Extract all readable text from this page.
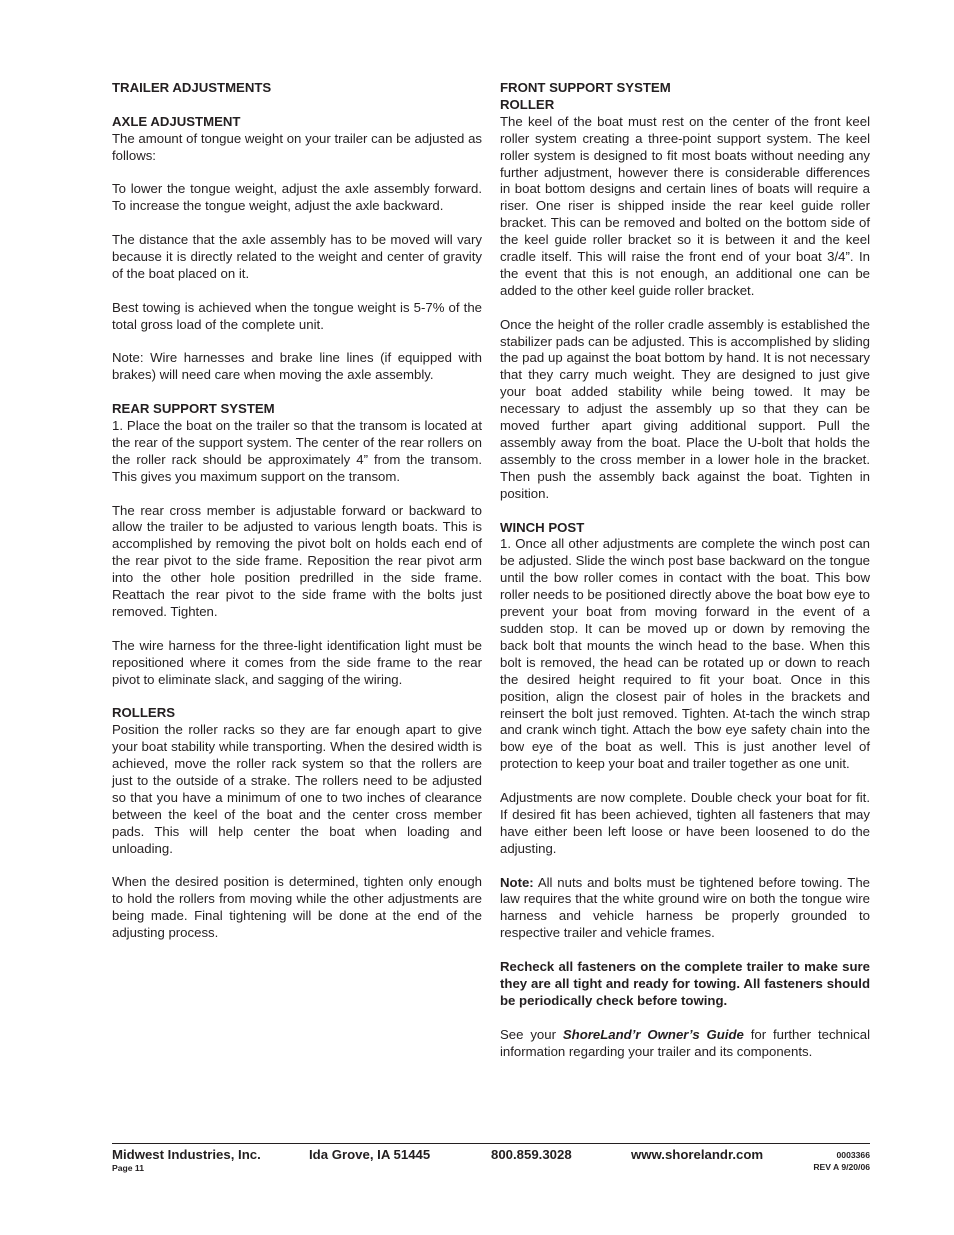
TRAILER ADJUSTMENTS
AXLE ADJUSTMENT

The amount of tongue weight on your trailer can be adjusted as follows:

To lower the tongue weight, adjust the axle assembly forward. To increase the tongue weight, adjust the axle backward.

The distance that the axle assembly has to be moved will vary because it is directly related to the weight and center of gravity of the boat placed on it.

Best towing is achieved when the tongue weight is 5-7% of the total gross load of the complete unit.

Note: Wire harnesses and brake line lines (if equipped with brakes) will need care when moving the axle assembly.

REAR SUPPORT SYSTEM

1. Place the boat on the trailer so that the transom is located at the rear of the support system. The center of the rear rollers on the roller rack should be approximately 4” from the transom. This gives you maximum support on the transom.

The rear cross member is adjustable forward or backward to allow the trailer to be adjusted to various length boats. This is accomplished by removing the pivot bolt on holds each end of the rear pivot to the side frame. Reposition the rear pivot arm into the other hole position predrilled in the side frame. Reattach the rear pivot to the side frame with the bolts just removed. Tighten.

The wire harness for the three-light identification light must be repositioned where it comes from the side frame to the rear pivot to eliminate slack, and sagging of the wiring.

ROLLERS

Position the roller racks so they are far enough apart to give your boat stability while transporting. When the desired width is achieved, move the roller rack system so that the rollers are just to the outside of a strake. The rollers need to be adjusted so that you have a minimum of one to two inches of clearance between the keel of the boat and the center cross member pads. This will help center the boat when loading and unloading.

When the desired position is determined, tighten only enough to hold the rollers from moving while the other adjustments are being made. Final tightening will be done at the end of the adjusting process.

FRONT SUPPORT SYSTEM
ROLLER

The keel of the boat must rest on the center of the front keel roller system creating a three-point support system. The keel roller system is designed to fit most boats without needing any further adjustment, however there is considerable differences in boat bottom designs and certain lines of boats will require a riser. One riser is shipped inside the rear keel guide roller bracket. This can be removed and bolted on the bottom side of the keel guide roller bracket so it is between it and the keel cradle itself. This will raise the front end of your boat 3/4”. In the event that this is not enough, an additional one can be added to the other keel guide roller bracket.

Once the height of the roller cradle assembly is established the stabilizer pads can be adjusted. This is accomplished by sliding the pad up against the boat bottom by hand. It is not necessary that they carry much weight. They are designed to just give your boat added stability while being towed. It may be necessary to adjust the assembly up so that they can be moved further apart giving additional support. Pull the assembly away from the boat. Place the U-bolt that holds the assembly to the cross member in a lower hole in the bracket. Then push the assembly back against the boat. Tighten in position.

WINCH POST

1. Once all other adjustments are complete the winch post can be adjusted. Slide the winch post base backward on the tongue until the bow roller comes in contact with the boat. This bow roller needs to be positioned directly above the boat bow eye to prevent your boat from moving forward in the event of a sudden stop. It can be moved up or down by removing the back bolt that mounts the winch head to the base. When this bolt is removed, the head can be rotated up or down to reach the desired height required to fit your boat. Once in this position, align the closest pair of holes in the brackets and reinsert the bolt just removed. Tighten. At-tach the winch strap and crank winch tight. Attach the bow eye safety chain into the bow eye of the boat as well. This is just another level of protection to keep your boat and trailer together as one unit.

Adjustments are now complete. Double check your boat for fit. If desired fit has been achieved, tighten all fasteners that may have either been left loose or have been loosened to do the adjusting.

Note: All nuts and bolts must be tightened before towing. The law requires that the white ground wire on both the tongue wire harness and vehicle harness be properly grounded to respective trailer and vehicle frames.

Recheck all fasteners on the complete trailer to make sure they are all tight and ready for towing. All fasteners should be periodically check before towing.

See your ShoreLand’r Owner’s Guide for further technical information regarding your trailer and its components.

Midwest Industries, Inc.	Ida Grove, IA 51445	800.859.3028	www.shorelandr.com	0003366
Page 11	REV A 9/20/06
